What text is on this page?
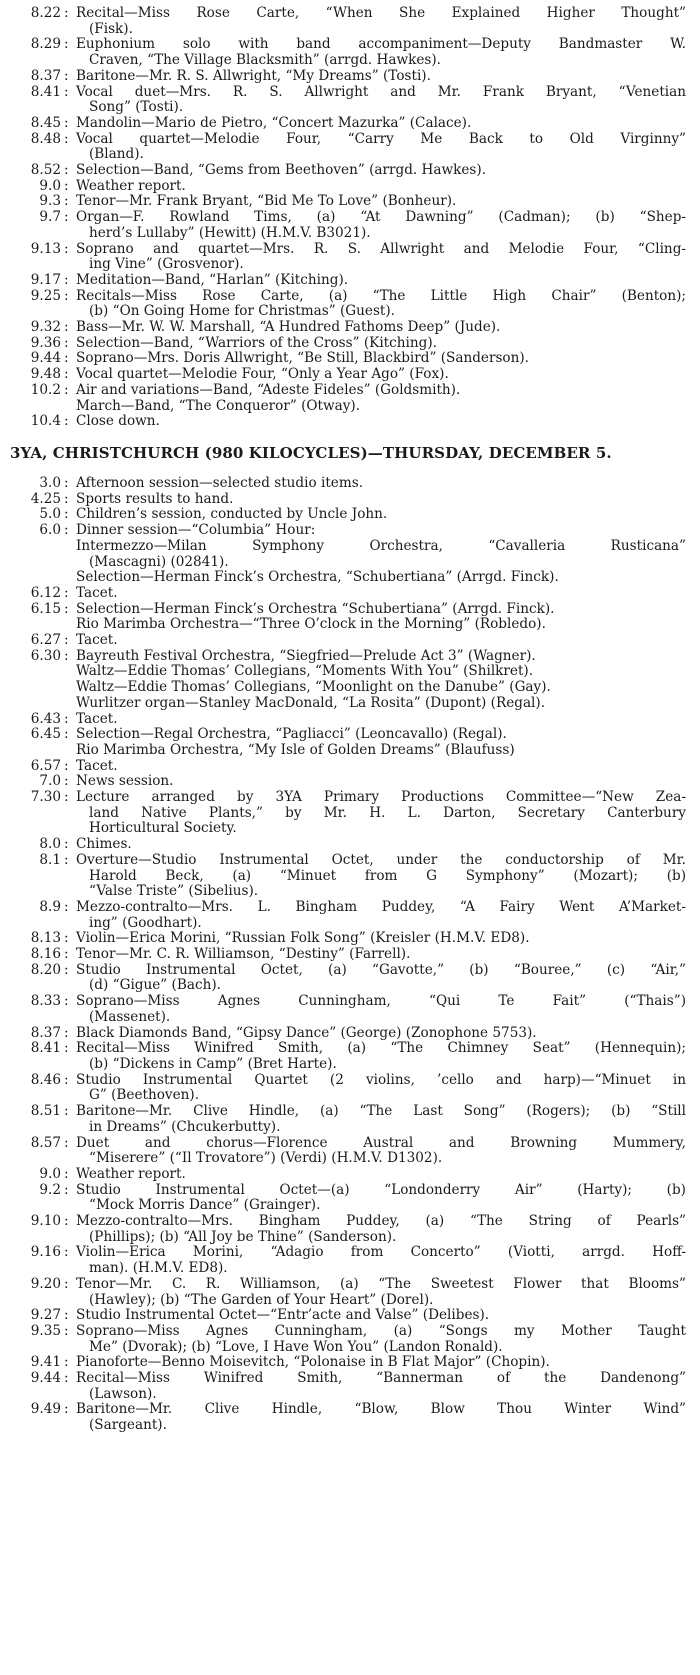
8.22 : Recital—Miss Rose Carte, “When She Explained Higher Thought”
(Fisk).
8.29 : Euphonium solo with band accompaniment—Deputy Bandmaster W.
Craven, “The Village Blacksmith” (arrgd. Hawkes).
8.37 : Baritone—Mr. R. S. Allwright, “My Dreams” (Tosti).
8.41 : Vocal duet—Mrs. R. S. Allwright and Mr. Frank Bryant, “Venetian
Song” (Tosti).
8.45 : Mandolin—Mario de Pietro, “Concert Mazurka” (Calace).
8.48 : Vocal quartet—Melodie Four, “Carry Me Back to Old Virginny”
(Bland).
8.52 : Selection—Band, “Gems from Beethoven” (arrgd. Hawkes).
9.0 : Weather report.
9.3 : Tenor—Mr. Frank Bryant, “Bid Me To Love” (Bonheur).
9.7 : Organ—F. Rowland Tims, (a) “At Dawning” (Cadman); (b) “Shep-
herd’s Lullaby” (Hewitt) (H.M.V. B3021).
9.13 : Soprano and quartet—Mrs. R. S. Allwright and Melodie Four, “Cling-
ing Vine” (Grosvenor).
9.17 : Meditation—Band, “Harlan” (Kitching).
9.25 : Recitals—Miss Rose Carte, (a) “The Little High Chair” (Benton);
(b) “On Going Home for Christmas” (Guest).
9.32 : Bass—Mr. W. W. Marshall, “A Hundred Fathoms Deep” (Jude).
9.36 : Selection—Band, “Warriors of the Cross” (Kitching).
9.44 : Soprano—Mrs. Doris Allwright, “Be Still, Blackbird” (Sanderson).
9.48 : Vocal quartet—Melodie Four, “Only a Year Ago” (Fox).
10.2 : Air and variations—Band, “Adeste Fideles” (Goldsmith).
March—Band, “The Conqueror” (Otway).
10.4 : Close down.
3YA, CHRISTCHURCH (980 KILOCYCLES)—THURSDAY, DECEMBER 5.
3.0 : Afternoon session—selected studio items.
4.25 : Sports results to hand.
5.0 : Children’s session, conducted by Uncle John.
6.0 : Dinner session—“Columbia” Hour:
Intermezzo—Milan Symphony Orchestra, “Cavalleria Rusticana”
(Mascagni) (02841).
Selection—Herman Finck’s Orchestra, “Schubertiana” (Arrgd. Finck).
6.12 : Tacet.
6.15 : Selection—Herman Finck’s Orchestra “Schubertiana” (Arrgd. Finck).
Rio Marimba Orchestra—“Three O’clock in the Morning” (Robledo).
6.27 : Tacet.
6.30 : Bayreuth Festival Orchestra, “Siegfried—Prelude Act 3” (Wagner).
Waltz—Eddie Thomas’ Collegians, “Moments With You” (Shilkret).
Waltz—Eddie Thomas’ Collegians, “Moonlight on the Danube” (Gay).
Wurlitzer organ—Stanley MacDonald, “La Rosita” (Dupont) (Regal).
6.43 : Tacet.
6.45 : Selection—Regal Orchestra, “Pagliacci” (Leoncavallo) (Regal).
Rio Marimba Orchestra, “My Isle of Golden Dreams” (Blaufuss)
6.57 : Tacet.
7.0 : News session.
7.30 : Lecture arranged by 3YA Primary Productions Committee—“New Zea-
land Native Plants,” by Mr. H. L. Darton, Secretary Canterbury
Horticultural Society.
8.0 : Chimes.
8.1 : Overture—Studio Instrumental Octet, under the conductorship of Mr.
Harold Beck, (a) “Minuet from G Symphony” (Mozart); (b)
“Valse Triste” (Sibelius).
8.9 : Mezzo-contralto—Mrs. L. Bingham Puddey, “A Fairy Went A’Market-
ing” (Goodhart).
8.13 : Violin—Erica Morini, “Russian Folk Song” (Kreisler (H.M.V. ED8).
8.16 : Tenor—Mr. C. R. Williamson, “Destiny” (Farrell).
8.20 : Studio Instrumental Octet, (a) “Gavotte,” (b) “Bouree,” (c) “Air,”
(d) “Gigue” (Bach).
8.33 : Soprano—Miss Agnes Cunningham, “Qui Te Fait” (“Thais”)
(Massenet).
8.37 : Black Diamonds Band, “Gipsy Dance” (George) (Zonophone 5753).
8.41 : Recital—Miss Winifred Smith, (a) “The Chimney Seat” (Hennequin);
(b) “Dickens in Camp” (Bret Harte).
8.46 : Studio Instrumental Quartet (2 violins, ’cello and harp)—“Minuet in
G” (Beethoven).
8.51 : Baritone—Mr. Clive Hindle, (a) “The Last Song” (Rogers); (b) “Still
in Dreams” (Chcukerbutty).
8.57 : Duet and chorus—Florence Austral and Browning Mummery,
“Miserere” (“Il Trovatore”) (Verdi) (H.M.V. D1302).
9.0 : Weather report.
9.2 : Studio Instrumental Octet—(a) “Londonderry Air” (Harty); (b)
“Mock Morris Dance” (Grainger).
9.10 : Mezzo-contralto—Mrs. Bingham Puddey, (a) “The String of Pearls”
(Phillips); (b) “All Joy be Thine” (Sanderson).
9.16 : Violin—Erica Morini, “Adagio from Concerto” (Viotti, arrgd. Hoff-
man). (H.M.V. ED8).
9.20 : Tenor—Mr. C. R. Williamson, (a) “The Sweetest Flower that Blooms”
(Hawley); (b) “The Garden of Your Heart” (Dorel).
9.27 : Studio Instrumental Octet—“Entr’acte and Valse” (Delibes).
9.35 : Soprano—Miss Agnes Cunningham, (a) “Songs my Mother Taught
Me” (Dvorak); (b) “Love, I Have Won You” (Landon Ronald).
9.41 : Pianoforte—Benno Moisevitch, “Polonaise in B Flat Major” (Chopin).
9.44 : Recital—Miss Winifred Smith, “Bannerman of the Dandenong”
(Lawson).
9.49 : Baritone—Mr. Clive Hindle, “Blow, Blow Thou Winter Wind”
(Sargeant).
